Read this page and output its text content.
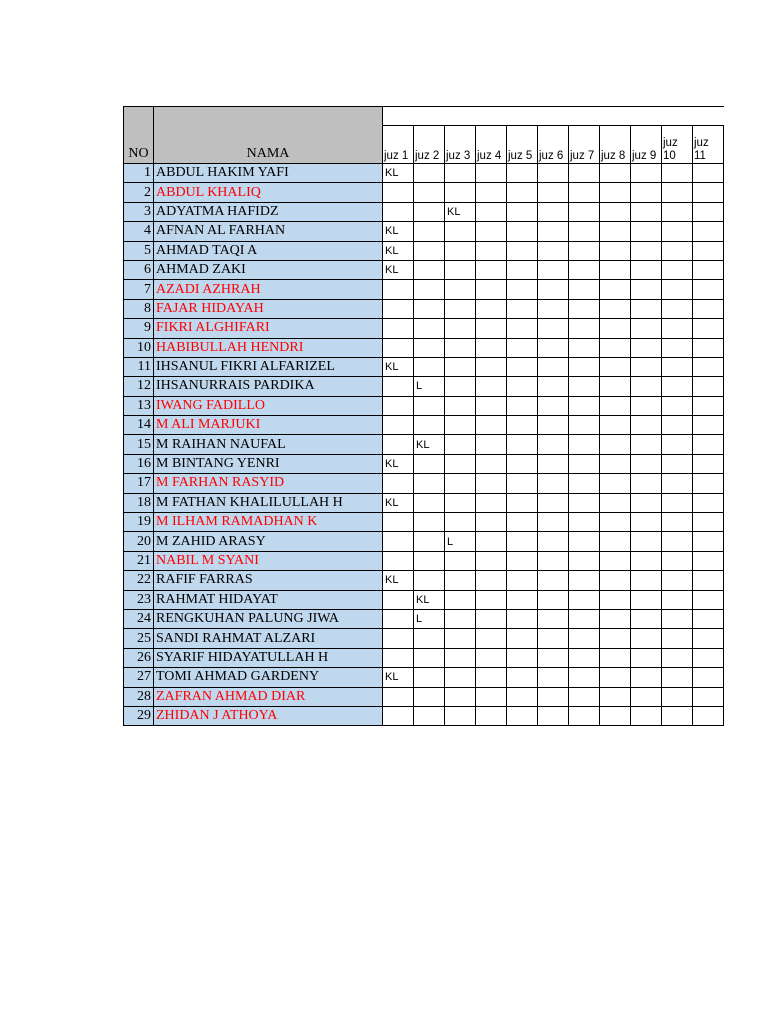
NO	NAMA											
		juz 1	juz 2	juz 3	juz 4	juz 5	juz 6	juz 7	juz 8	juz 9	juz 10	juz 11
1	ABDUL HAKIM YAFI	KL										
2	ABDUL KHALIQ											
3	ADYATMA HAFIDZ			KL								
4	AFNAN AL FARHAN	KL										
5	AHMAD TAQI A	KL										
6	AHMAD ZAKI	KL										
7	AZADI AZHRAH											
8	FAJAR HIDAYAH											
9	FIKRI ALGHIFARI											
10	HABIBULLAH HENDRI											
11	IHSANUL FIKRI ALFARIZEL	KL										
12	IHSANURRAIS PARDIKA		L									
13	IWANG FADILLO											
14	M ALI MARJUKI											
15	M RAIHAN NAUFAL		KL									
16	M BINTANG YENRI	KL										
17	M FARHAN RASYID											
18	M FATHAN KHALILULLAH H	KL										
19	M ILHAM RAMADHAN K											
20	M ZAHID ARASY			L								
21	NABIL M SYANI											
22	RAFIF FARRAS	KL										
23	RAHMAT HIDAYAT		KL									
24	RENGKUHAN PALUNG JIWA		L									
25	SANDI RAHMAT ALZARI											
26	SYARIF HIDAYATULLAH H											
27	TOMI AHMAD GARDENY	KL										
28	ZAFRAN AHMAD DIAR											
29	ZHIDAN J ATHOYA											
